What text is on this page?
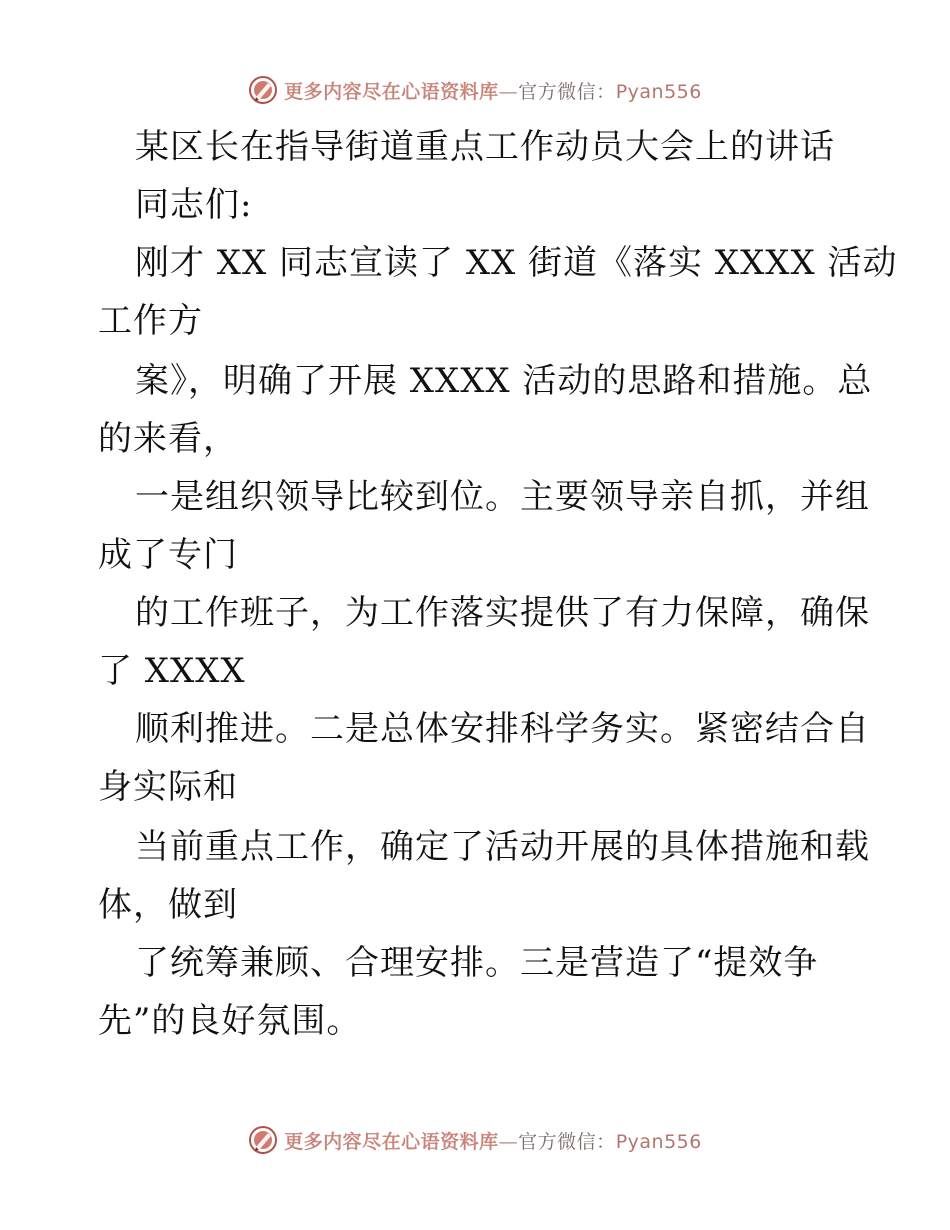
更多内容尽在心语资料库—官方微信：Pyan556
某区长在指导街道重点工作动员大会上的讲话
同志们:
刚才 XX 同志宣读了 XX 街道《落实 XXXX 活动
工作方
案》，明确了开展 XXXX 活动的思路和措施。总
的来看，
一是组织领导比较到位。主要领导亲自抓，并组
成了专门
的工作班子，为工作落实提供了有力保障，确保
了 XXXX
顺利推进。二是总体安排科学务实。紧密结合自
身实际和
当前重点工作，确定了活动开展的具体措施和载
体，做到
了统筹兼顾、合理安排。三是营造了“提效争
先”的良好氛围。
更多内容尽在心语资料库—官方微信：Pyan556
